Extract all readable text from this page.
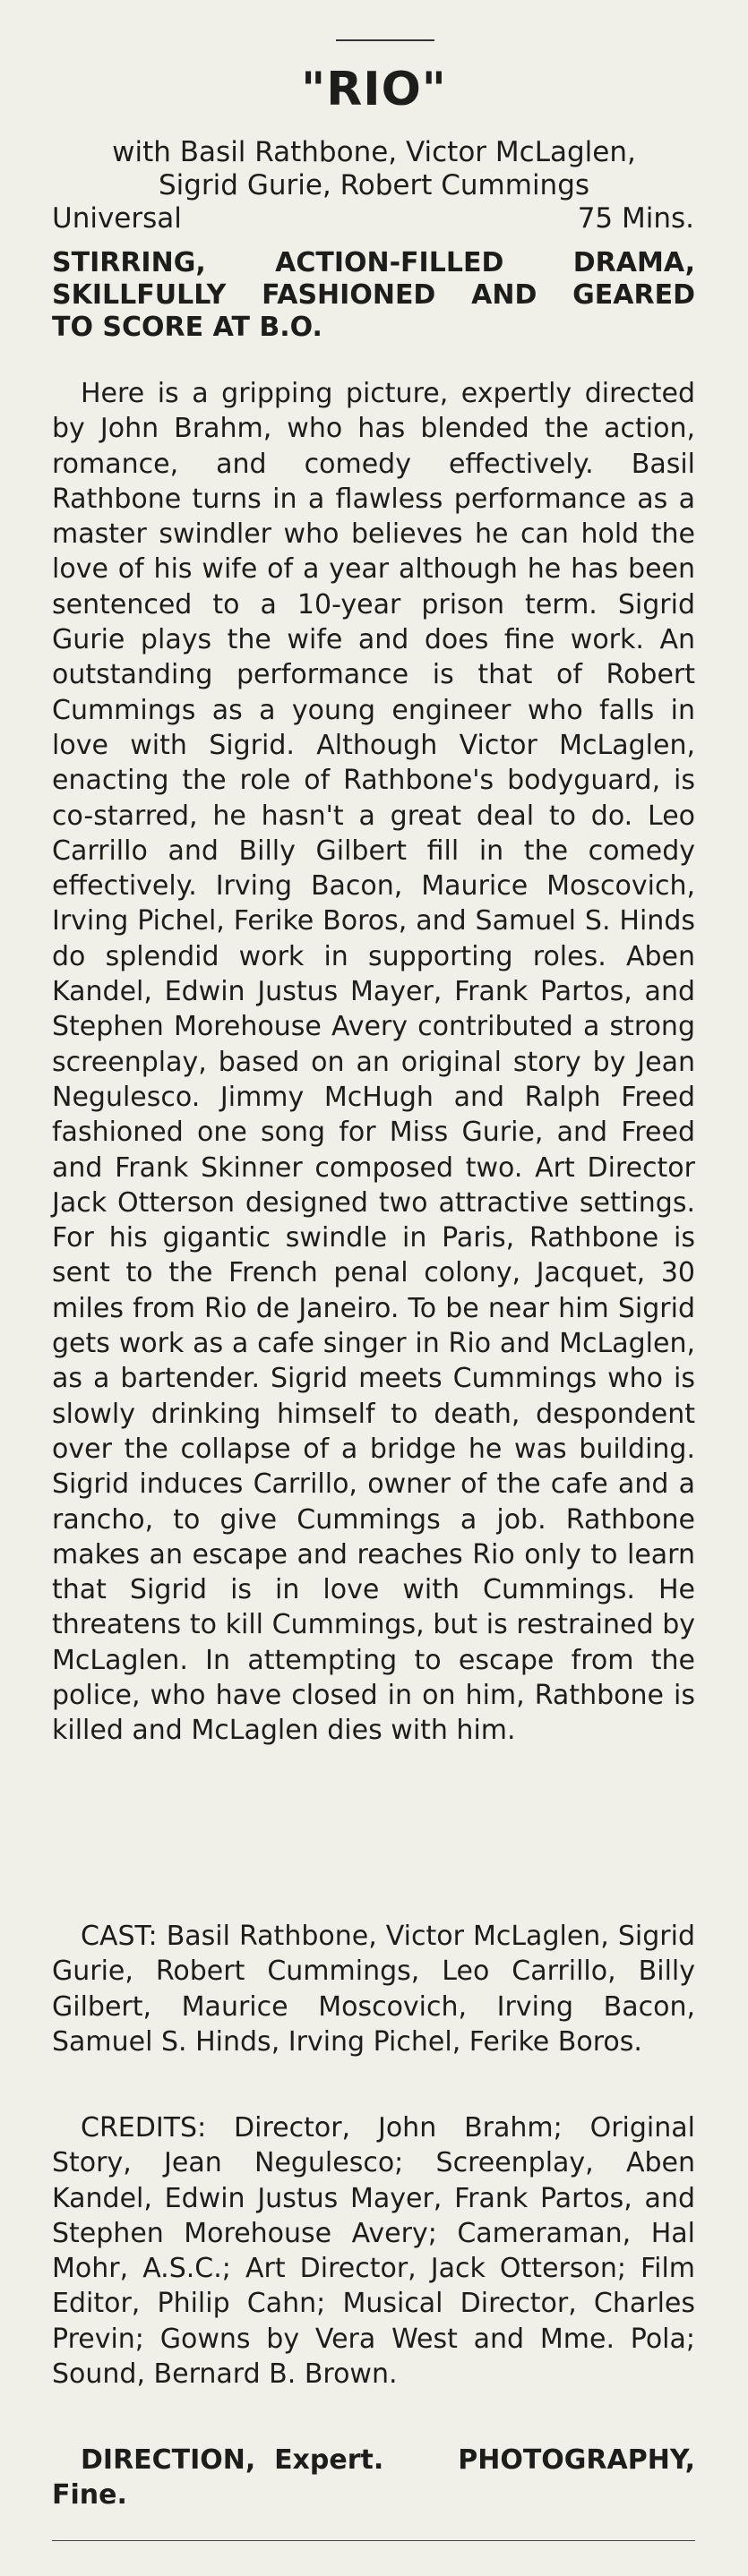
"RIO"

with Basil Rathbone, Victor McLaglen,

Sigrid Gurie, Robert Cummings

Universal	75 Mins.
STIRRING, ACTION-FILLED DRAMA,
SKILLFULLY FASHIONED AND GEARED
TO SCORE AT B.O.

Here is a gripping picture, expertly directed by John Brahm, who has blended the action, romance, and comedy effectively. Basil Rathbone turns in a flawless performance as a master swindler who believes he can hold the love of his wife of a year although he has been sentenced to a 10-year prison term. Sigrid Gurie plays the wife and does fine work. An outstanding performance is that of Robert Cummings as a young engineer who falls in love with Sigrid. Although Victor McLaglen, enacting the role of Rathbone's bodyguard, is co-starred, he hasn't a great deal to do. Leo Carrillo and Billy Gilbert fill in the comedy effectively. Irving Bacon, Maurice Moscovich, Irving Pichel, Ferike Boros, and Samuel S. Hinds do splendid work in supporting roles. Aben Kandel, Edwin Justus Mayer, Frank Partos, and Stephen Morehouse Avery contributed a strong screenplay, based on an original story by Jean Negulesco. Jimmy McHugh and Ralph Freed fashioned one song for Miss Gurie, and Freed and Frank Skinner composed two. Art Director Jack Otterson designed two attractive settings. For his gigantic swindle in Paris, Rathbone is sent to the French penal colony, Jacquet, 30 miles from Rio de Janeiro. To be near him Sigrid gets work as a cafe singer in Rio and McLaglen, as a bartender. Sigrid meets Cummings who is slowly drinking himself to death, despondent over the collapse of a bridge he was building. Sigrid induces Carrillo, owner of the cafe and a rancho, to give Cummings a job. Rathbone makes an escape and reaches Rio only to learn that Sigrid is in love with Cummings. He threatens to kill Cummings, but is restrained by McLaglen. In attempting to escape from the police, who have closed in on him, Rathbone is killed and McLaglen dies with him.

CAST: Basil Rathbone, Victor McLaglen, Sigrid Gurie, Robert Cummings, Leo Carrillo, Billy Gilbert, Maurice Moscovich, Irving Bacon, Samuel S. Hinds, Irving Pichel, Ferike Boros.

CREDITS: Director, John Brahm; Original Story, Jean Negulesco; Screenplay, Aben Kandel, Edwin Justus Mayer, Frank Partos, and Stephen Morehouse Avery; Cameraman, Hal Mohr, A.S.C.; Art Director, Jack Otterson; Film Editor, Philip Cahn; Musical Director, Charles Previn; Gowns by Vera West and Mme. Pola; Sound, Bernard B. Brown.

DIRECTION, Expert.	PHOTOGRAPHY, Fine.
